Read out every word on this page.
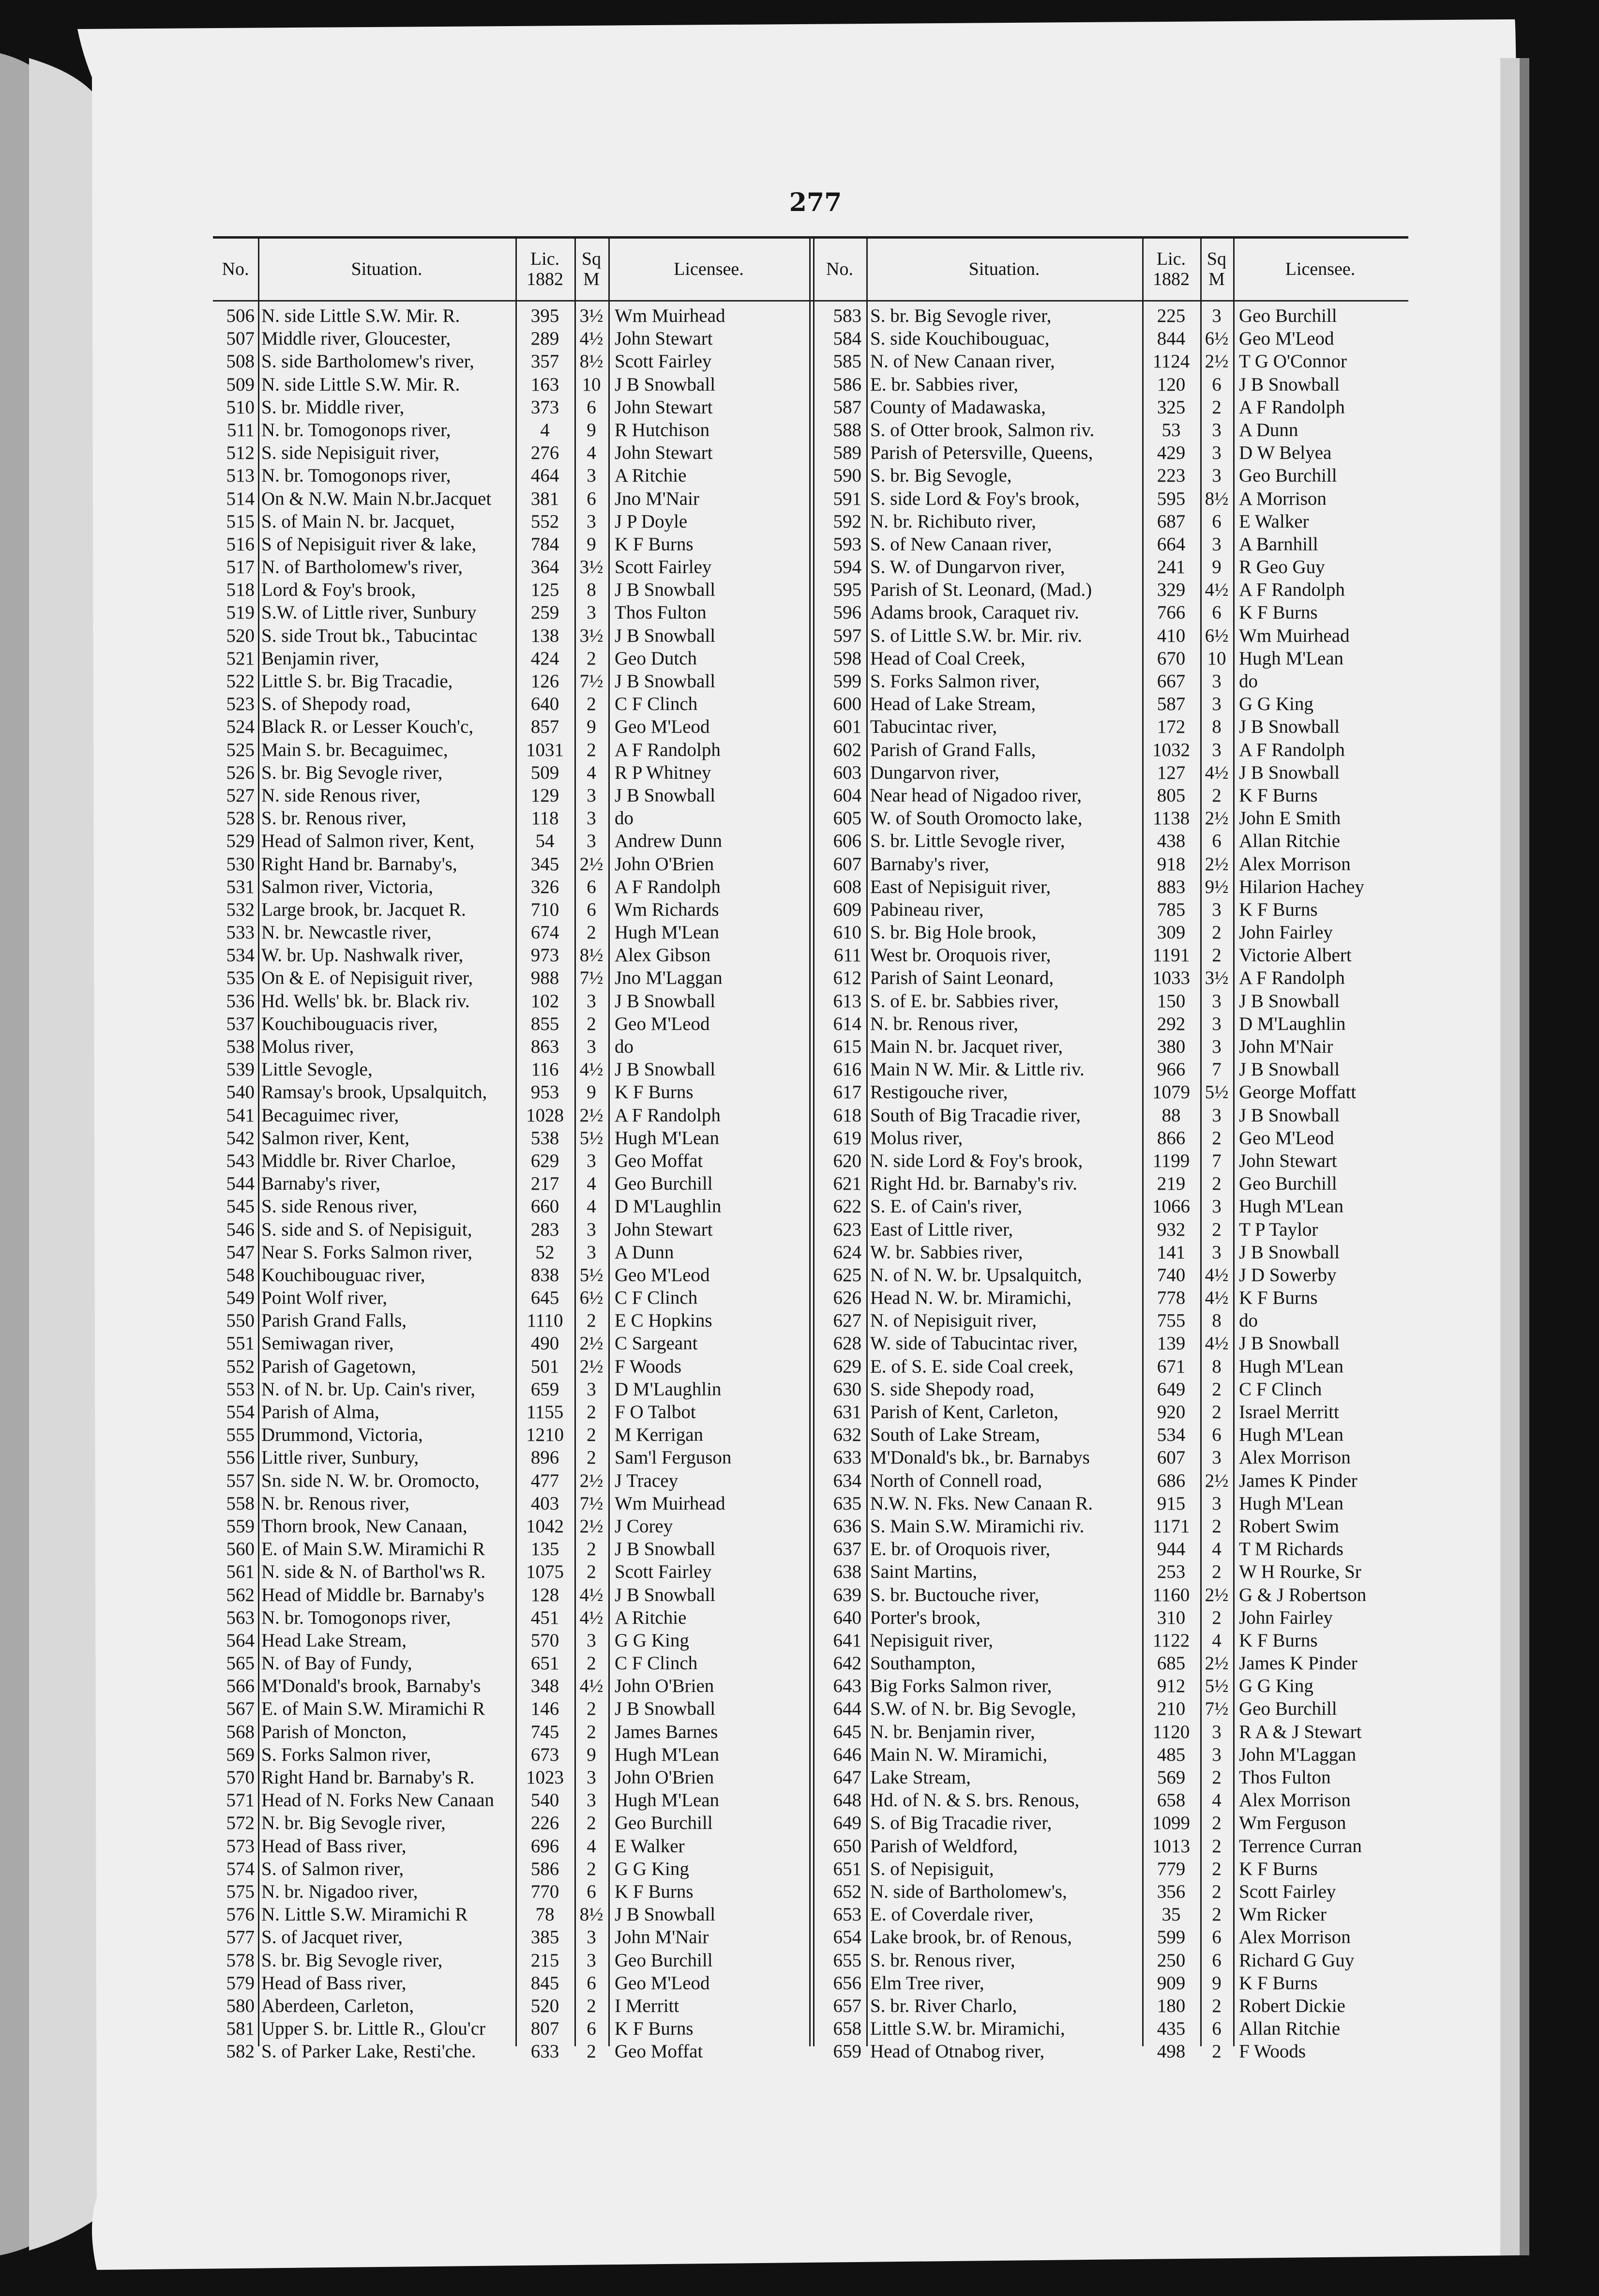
277
No.	Situation.	Lic.
1882
Sq
M	Licensee.
506 N. side Little S.W. Mir. R.	395	3½ Wm Muirhead
507 Middle river, Gloucester,	289	4½ John Stewart
508 S. side Bartholomew's river,	357	8½ Scott Fairley
509 N. side Little S.W. Mir. R.	163	10 J B Snowball
510 S. br. Middle river,	373	6 John Stewart
511 N. br. Tomogonops river,	4	9 R Hutchison
512 S. side Nepisiguit river,	276	4 John Stewart
513 N. br. Tomogonops river,	464	3 A Ritchie
514 On & N.W. Main N.br.Jacquet	381	6 Jno M'Nair
515 S. of Main N. br. Jacquet,	552	3 J P Doyle
516 S of Nepisiguit river & lake,	784	9 K F Burns
517 N. of Bartholomew's river,	364	3½ Scott Fairley
518 Lord & Foy's brook,	125	8 J B Snowball
519 S.W. of Little river, Sunbury	259	3 Thos Fulton
520 S. side Trout bk., Tabucintac	138	3½ J B Snowball
521 Benjamin river,	424	2 Geo Dutch
522 Little S. br. Big Tracadie,	126	7½ J B Snowball
523 S. of Shepody road,	640	2 C F Clinch
524 Black R. or Lesser Kouch'c,	857	9 Geo M'Leod
525 Main S. br. Becaguimec,	1031	2 A F Randolph
526 S. br. Big Sevogle river,	509	4 R P Whitney
527 N. side Renous river,	129	3 J B Snowball
528 S. br. Renous river,	118	3 do
529 Head of Salmon river, Kent,	54	3 Andrew Dunn
530 Right Hand br. Barnaby's,	345	2½ John O'Brien
531 Salmon river, Victoria,	326	6 A F Randolph
532 Large brook, br. Jacquet R.	710	6 Wm Richards
533 N. br. Newcastle river,	674	2 Hugh M'Lean
534 W. br. Up. Nashwalk river,	973	8½ Alex Gibson
535 On & E. of Nepisiguit river,	988	7½ Jno M'Laggan
536 Hd. Wells' bk. br. Black riv.	102	3 J B Snowball
537 Kouchibouguacis river,	855	2 Geo M'Leod
538 Molus river,	863	3 do
539 Little Sevogle,	116	4½ J B Snowball
540 Ramsay's brook, Upsalquitch,	953	9 K F Burns
541 Becaguimec river,	1028 2½ A F Randolph
542 Salmon river, Kent,	538	5½ Hugh M'Lean
543 Middle br. River Charloe,	629	3 Geo Moffat
544 Barnaby's river,	217	4 Geo Burchill
545 S. side Renous river,	660	4 D M'Laughlin
546 S. side and S. of Nepisiguit,	283	3 John Stewart
547 Near S. Forks Salmon river,	52	3 A Dunn
548 Kouchibouguac river,	838	5½ Geo M'Leod
549 Point Wolf river,	645	6½ C F Clinch
550 Parish Grand Falls,	1110	2 E C Hopkins
551 Semiwagan river,	490	2½ C Sargeant
552 Parish of Gagetown,	501	2½ F Woods
553 N. of N. br. Up. Cain's river,	659	3 D M'Laughlin
554 Parish of Alma,	1155	2 F O Talbot
555 Drummond, Victoria,	1210	2 M Kerrigan
556 Little river, Sunbury,	896	2 Sam'l Ferguson
557 Sn. side N. W. br. Oromocto,	477	2½ J Tracey
558 N. br. Renous river,	403	7½ Wm Muirhead
559 Thorn brook, New Canaan,	1042 2½ J Corey
560 E. of Main S.W. Miramichi R	135	2 J B Snowball
561 N. side & N. of Barthol'ws R.	1075	2 Scott Fairley
562 Head of Middle br. Barnaby's	128	4½ J B Snowball
563 N. br. Tomogonops river,	451	4½ A Ritchie
564 Head Lake Stream,	570	3 G G King
565 N. of Bay of Fundy,	651	2 C F Clinch
566 M'Donald's brook, Barnaby's	348	4½ John O'Brien
567 E. of Main S.W. Miramichi R	146	2 J B Snowball
568 Parish of Moncton,	745	2 James Barnes
569 S. Forks Salmon river,	673	9 Hugh M'Lean
570 Right Hand br. Barnaby's R.	1023	3 John O'Brien
571 Head of N. Forks New Canaan	540	3 Hugh M'Lean
572 N. br. Big Sevogle river,	226	2 Geo Burchill
573 Head of Bass river,	696	4 E Walker
574 S. of Salmon river,	586	2 G G King
575 N. br. Nigadoo river,	770	6 K F Burns
576 N. Little S.W. Miramichi R	78	8½ J B Snowball
577 S. of Jacquet river,	385	3 John M'Nair
578 S. br. Big Sevogle river,	215	3 Geo Burchill
579 Head of Bass river,	845	6 Geo M'Leod
580 Aberdeen, Carleton,	520	2 I Merritt
581 Upper S. br. Little R., Glou'cr	807	6 K F Burns
582 S. of Parker Lake, Resti'che.	633	2 Geo Moffat
No.	Situation.	Lic.
1882
Sq
M	Licensee.
583 S. br. Big Sevogle river,	225	3 Geo Burchill
584 S. side Kouchibouguac,	844	6½ Geo M'Leod
585 N. of New Canaan river,	1124 2½ T G O'Connor
586 E. br. Sabbies river,	120	6 J B Snowball
587 County of Madawaska,	325	2 A F Randolph
588 S. of Otter brook, Salmon riv.	53	3 A Dunn
589 Parish of Petersville, Queens,	429	3 D W Belyea
590 S. br. Big Sevogle,	223	3 Geo Burchill
591 S. side Lord & Foy's brook,	595	8½ A Morrison
592 N. br. Richibuto river,	687	6 E Walker
593 S. of New Canaan river,	664	3 A Barnhill
594 S. W. of Dungarvon river,	241	9 R Geo Guy
595 Parish of St. Leonard, (Mad.)	329	4½ A F Randolph
596 Adams brook, Caraquet riv.	766	6 K F Burns
597 S. of Little S.W. br. Mir. riv.	410	6½ Wm Muirhead
598 Head of Coal Creek,	670	10 Hugh M'Lean
599 S. Forks Salmon river,	667	3 do
600 Head of Lake Stream,	587	3 G G King
601 Tabucintac river,	172	8 J B Snowball
602 Parish of Grand Falls,	1032	3 A F Randolph
603 Dungarvon river,	127	4½ J B Snowball
604 Near head of Nigadoo river,	805	2 K F Burns
605 W. of South Oromocto lake,	1138 2½ John E Smith
606 S. br. Little Sevogle river,	438	6 Allan Ritchie
607 Barnaby's river,	918	2½ Alex Morrison
608 East of Nepisiguit river,	883	9½ Hilarion Hachey
609 Pabineau river,	785	3 K F Burns
610 S. br. Big Hole brook,	309	2 John Fairley
611 West br. Oroquois river,	1191	2 Victorie Albert
612 Parish of Saint Leonard,	1033 3½ A F Randolph
613 S. of E. br. Sabbies river,	150	3 J B Snowball
614 N. br. Renous river,	292	3 D M'Laughlin
615 Main N. br. Jacquet river,	380	3 John M'Nair
616 Main N W. Mir. & Little riv.	966	7 J B Snowball
617 Restigouche river,	1079 5½ George Moffatt
618 South of Big Tracadie river,	88	3 J B Snowball
619 Molus river,	866	2 Geo M'Leod
620 N. side Lord & Foy's brook,	1199	7 John Stewart
621 Right Hd. br. Barnaby's riv.	219	2 Geo Burchill
622 S. E. of Cain's river,	1066	3 Hugh M'Lean
623 East of Little river,	932	2 T P Taylor
624 W. br. Sabbies river,	141	3 J B Snowball
625 N. of N. W. br. Upsalquitch,	740	4½ J D Sowerby
626 Head N. W. br. Miramichi,	778	4½ K F Burns
627 N. of Nepisiguit river,	755	8 do
628 W. side of Tabucintac river,	139	4½ J B Snowball
629 E. of S. E. side Coal creek,	671	8 Hugh M'Lean
630 S. side Shepody road,	649	2 C F Clinch
631 Parish of Kent, Carleton,	920	2 Israel Merritt
632 South of Lake Stream,	534	6 Hugh M'Lean
633 M'Donald's bk., br. Barnabys	607	3 Alex Morrison
634 North of Connell road,	686	2½ James K Pinder
635 N.W. N. Fks. New Canaan R.	915	3 Hugh M'Lean
636 S. Main S.W. Miramichi riv.	1171	2 Robert Swim
637 E. br. of Oroquois river,	944	4 T M Richards
638 Saint Martins,	253	2 W H Rourke, Sr
639 S. br. Buctouche river,	1160 2½ G & J Robertson
640 Porter's brook,	310	2 John Fairley
641 Nepisiguit river,	1122	4 K F Burns
642 Southampton,	685	2½ James K Pinder
643 Big Forks Salmon river,	912	5½ G G King
644 S.W. of N. br. Big Sevogle,	210	7½ Geo Burchill
645 N. br. Benjamin river,	1120	3 R A & J Stewart
646 Main N. W. Miramichi,	485	3 John M'Laggan
647 Lake Stream,	569	2 Thos Fulton
648 Hd. of N. & S. brs. Renous,	658	4 Alex Morrison
649 S. of Big Tracadie river,	1099	2 Wm Ferguson
650 Parish of Weldford,	1013	2 Terrence Curran
651 S. of Nepisiguit,	779	2 K F Burns
652 N. side of Bartholomew's,	356	2 Scott Fairley
653 E. of Coverdale river,	35	2 Wm Ricker
654 Lake brook, br. of Renous,	599	6 Alex Morrison
655 S. br. Renous river,	250	6 Richard G Guy
656 Elm Tree river,	909	9 K F Burns
657 S. br. River Charlo,	180	2 Robert Dickie
658 Little S.W. br. Miramichi,	435	6 Allan Ritchie
659 Head of Otnabog river,	498	2 F Woods
